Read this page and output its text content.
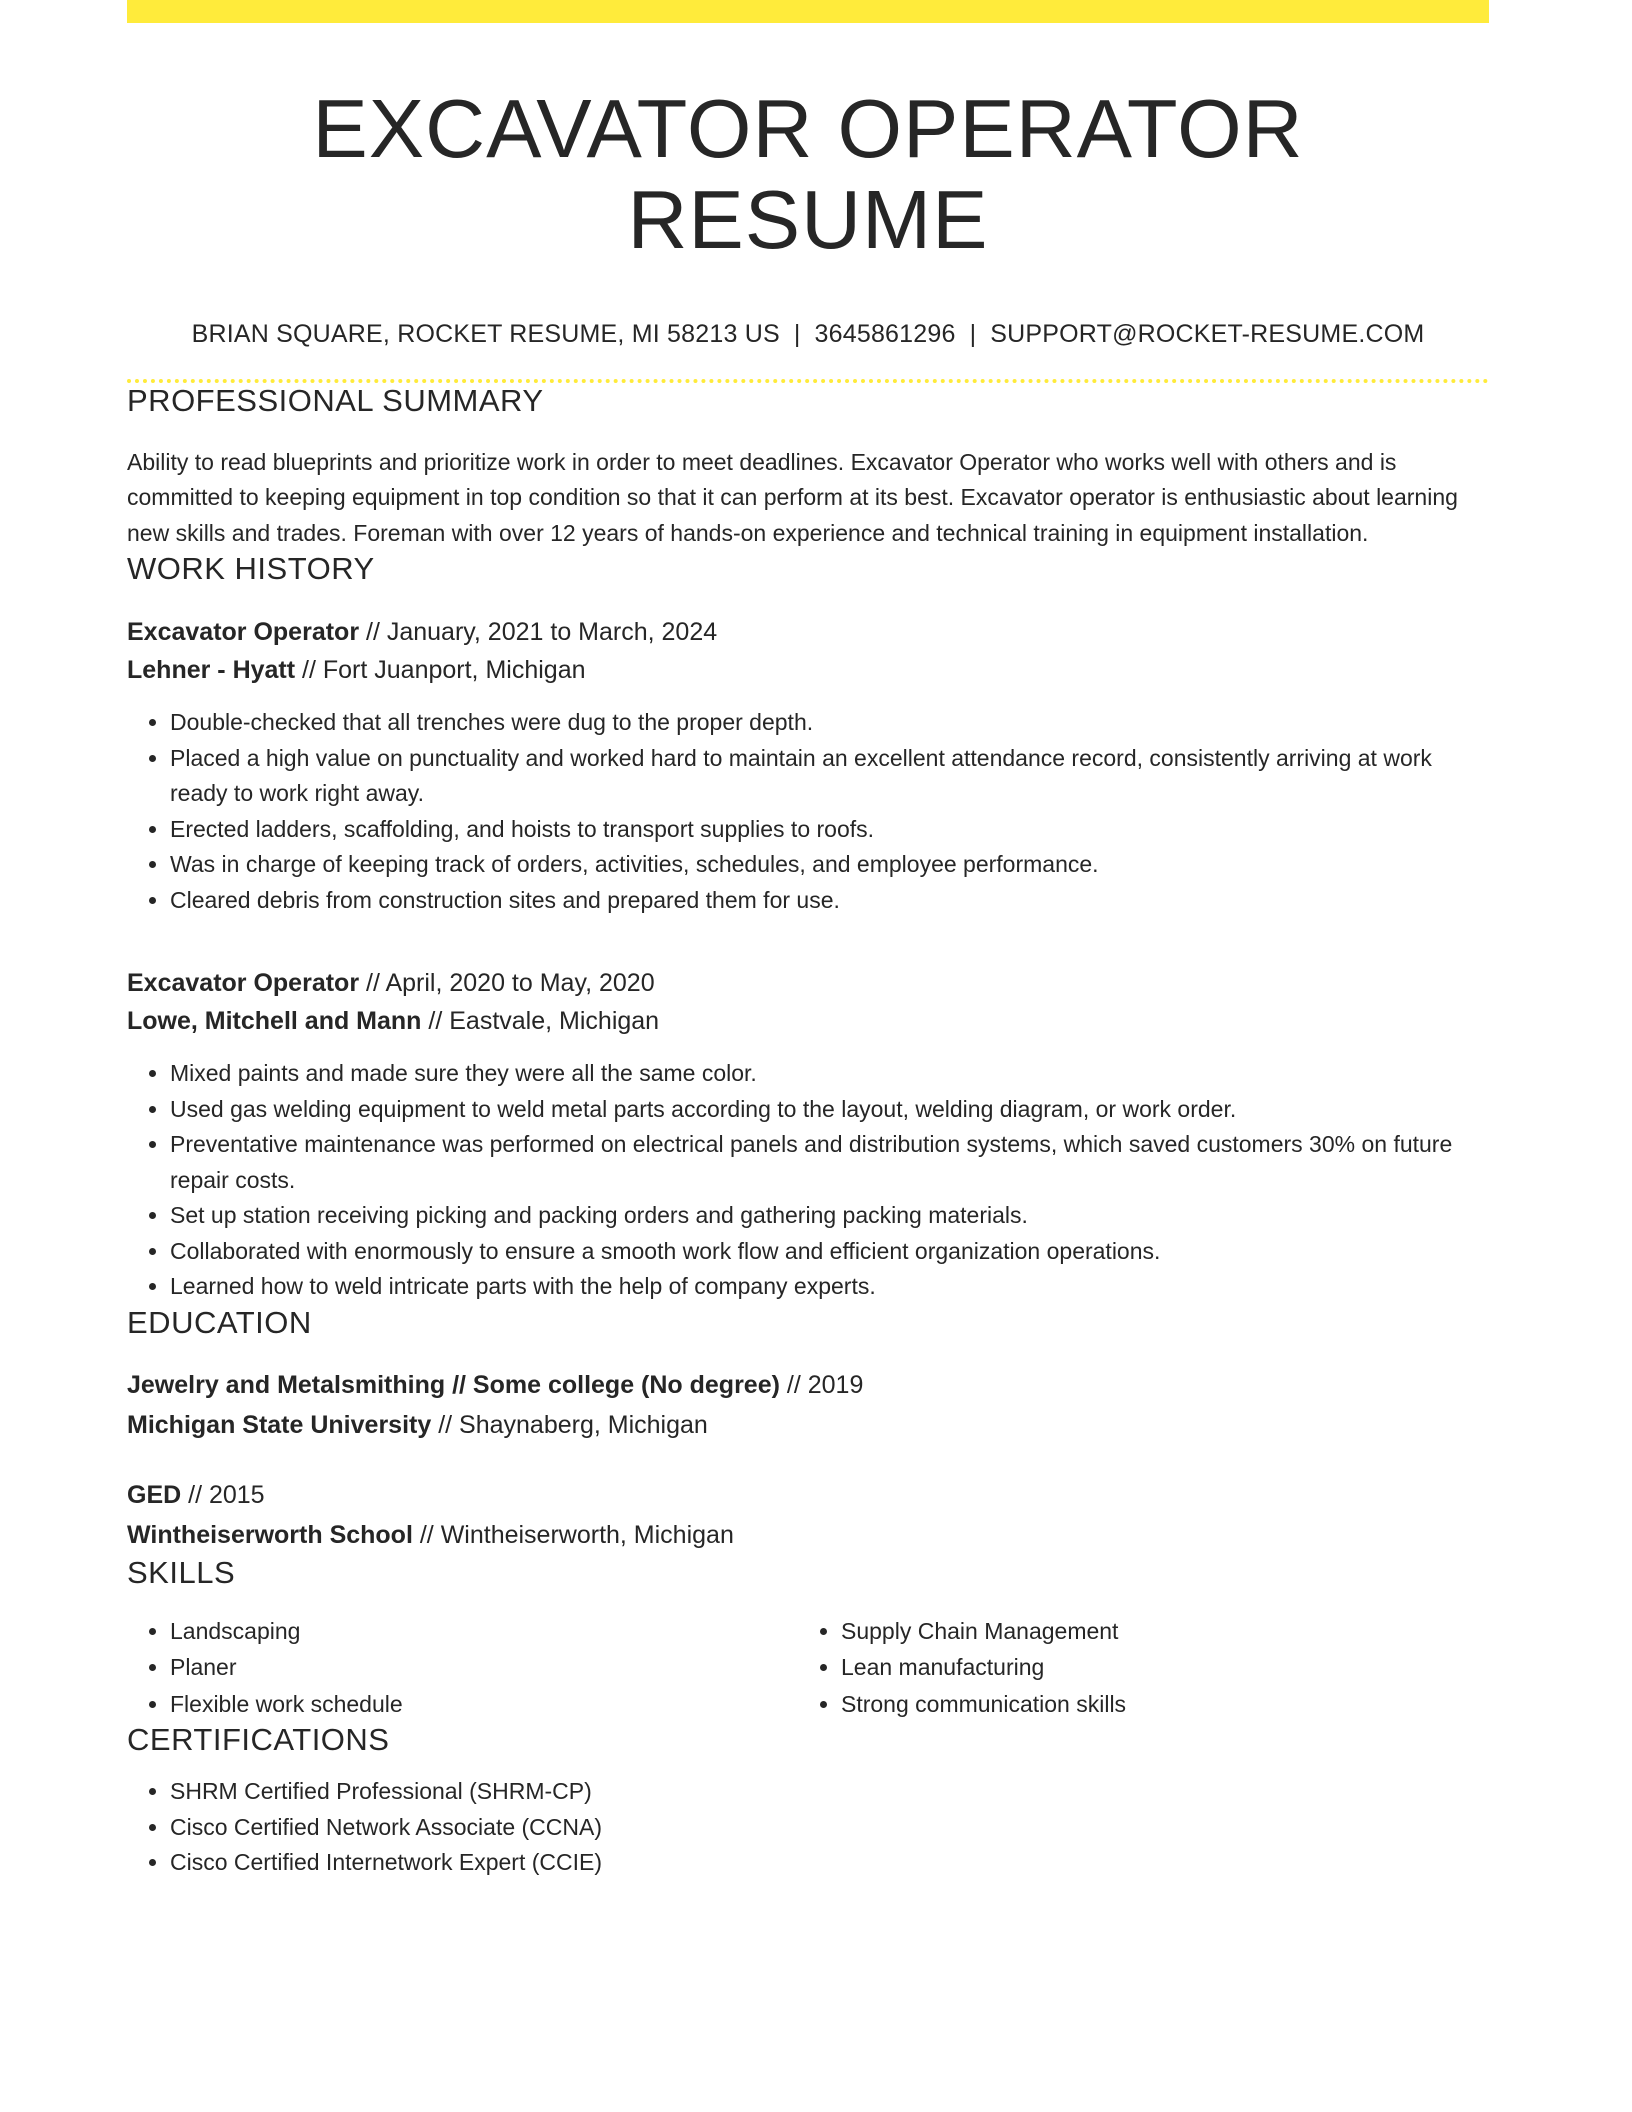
EXCAVATOR OPERATOR RESUME
BRIAN SQUARE, ROCKET RESUME, MI 58213 US | 3645861296 | SUPPORT@ROCKET-RESUME.COM
PROFESSIONAL SUMMARY
Ability to read blueprints and prioritize work in order to meet deadlines. Excavator Operator who works well with others and is committed to keeping equipment in top condition so that it can perform at its best. Excavator operator is enthusiastic about learning new skills and trades. Foreman with over 12 years of hands-on experience and technical training in equipment installation.
WORK HISTORY
Excavator Operator // January, 2021 to March, 2024
Lehner - Hyatt // Fort Juanport, Michigan
• Double-checked that all trenches were dug to the proper depth.
• Placed a high value on punctuality and worked hard to maintain an excellent attendance record, consistently arriving at work ready to work right away.
• Erected ladders, scaffolding, and hoists to transport supplies to roofs.
• Was in charge of keeping track of orders, activities, schedules, and employee performance.
• Cleared debris from construction sites and prepared them for use.
Excavator Operator // April, 2020 to May, 2020
Lowe, Mitchell and Mann // Eastvale, Michigan
• Mixed paints and made sure they were all the same color.
• Used gas welding equipment to weld metal parts according to the layout, welding diagram, or work order.
• Preventative maintenance was performed on electrical panels and distribution systems, which saved customers 30% on future repair costs.
• Set up station receiving picking and packing orders and gathering packing materials.
• Collaborated with enormously to ensure a smooth work flow and efficient organization operations.
• Learned how to weld intricate parts with the help of company experts.
EDUCATION
Jewelry and Metalsmithing // Some college (No degree) // 2019
Michigan State University // Shaynaberg, Michigan
GED // 2015
Wintheiserworth School // Wintheiserworth, Michigan
SKILLS
• Landscaping
• Planer
• Flexible work schedule
• Supply Chain Management
• Lean manufacturing
• Strong communication skills
CERTIFICATIONS
• SHRM Certified Professional (SHRM-CP)
• Cisco Certified Network Associate (CCNA)
• Cisco Certified Internetwork Expert (CCIE)
